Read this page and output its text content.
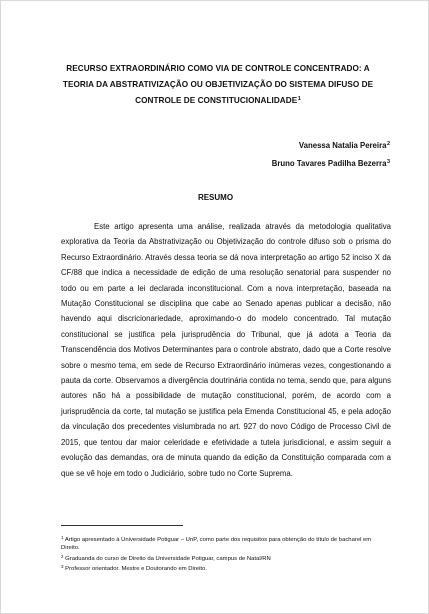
RECURSO EXTRAORDINÁRIO COMO VIA DE CONTROLE CONCENTRADO: A
TEORIA DA ABSTRATIVIZAÇÃO OU OBJETIVIZAÇÃO DO SISTEMA DIFUSO DE
CONTROLE DE CONSTITUCIONALIDADE$^1$
Vanessa Natalia Pereira$^2$
Bruno Tavares Padilha Bezerra$^3$
RESUMO

Este artigo apresenta uma análise, realizada através da metodologia qualitativa explorativa da Teoria da Abstrativização ou Objetivização do controle difuso sob o prisma do Recurso Extraordinário. Através dessa teoria se dá nova interpretação ao artigo 52 inciso X da CF/88 que indica a necessidade de edição de uma resolução senatorial para suspender no todo ou em parte a lei declarada inconstitucional. Com a nova interpretação, baseada na Mutação Constitucional se disciplina que cabe ao Senado apenas publicar a decisão, não havendo aqui discricionariedade, aproximando-o do modelo concentrado. Tal mutação constitucional se justifica pela jurisprudência do Tribunal, que já adota a Teoria da Transcendência dos Motivos Determinantes para o controle abstrato, dado que a Corte resolve sobre o mesmo tema, em sede de Recurso Extraordinário inúmeras vezes, congestionando a pauta da corte. Observamos a divergência doutrinária contida no tema, sendo que, para alguns autores não há a possibilidade de mutação constitucional, porém, de acordo com a jurisprudência da corte, tal mutação se justifica pela Emenda Constitucional 45, e pela adoção da vinculação dos precedentes vislumbrada no art. 927 do novo Código de Processo Civil de 2015, que tentou dar maior celeridade e efetividade a tutela jurisdicional, e assim seguir a evolução das demandas, ora de minuta quando da edição da Constituição comparada com a que se vê hoje em todo o Judiciário, sobre tudo no Corte Suprema.

$^1$ Artigo apresentado à Universidade Potiguar – UnP, como parte dos requisitos para obtenção do título de bacharel em Direito.

$^2$ Graduanda do curso de Direito da Universidade Potiguar, campus de Natal/RN

$^3$ Professor orientador. Mestre e Doutorando em Direito.
